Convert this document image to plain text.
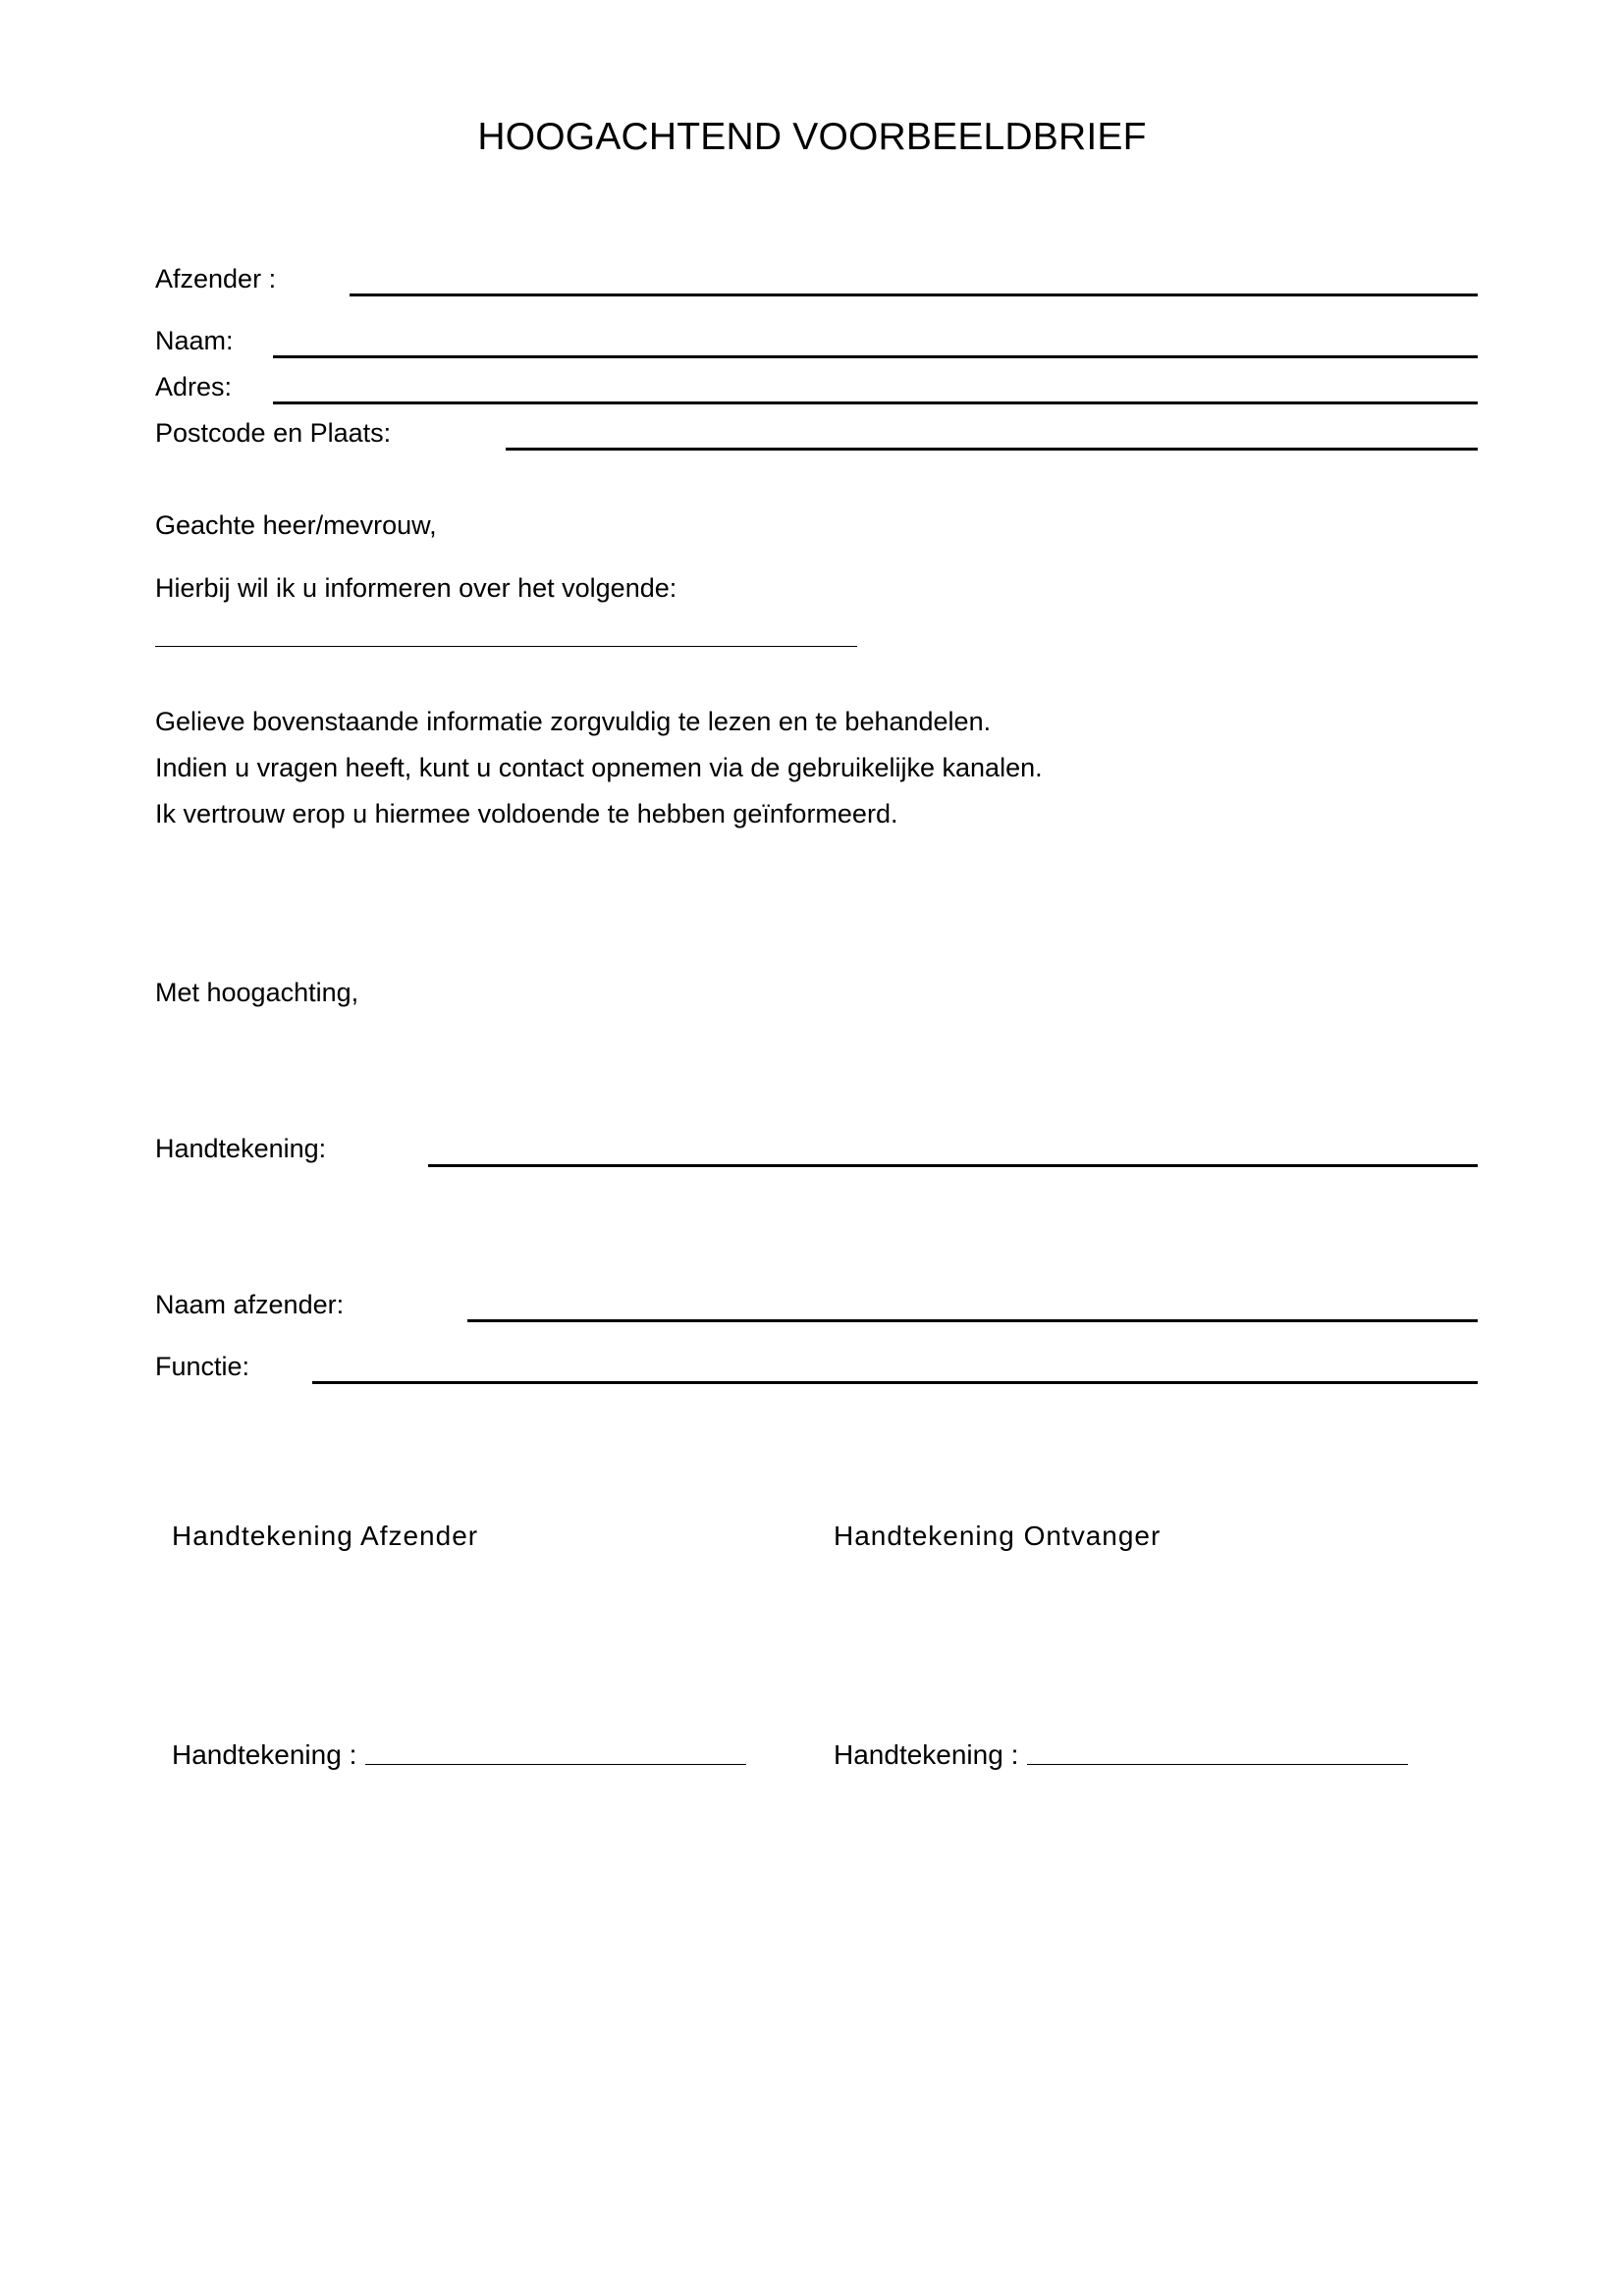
HOOGACHTEND VOORBEELDBRIEF
Afzender :
Naam:
Adres:
Postcode en Plaats:
Geachte heer/mevrouw,
Hierbij wil ik u informeren over het volgende:
Gelieve bovenstaande informatie zorgvuldig te lezen en te behandelen.
Indien u vragen heeft, kunt u contact opnemen via de gebruikelijke kanalen.
Ik vertrouw erop u hiermee voldoende te hebben geïnformeerd.
Met hoogachting,
Handtekening:
Naam afzender:
Functie:
Handtekening Afzender	Handtekening Ontvanger
Handtekening :	Handtekening :
